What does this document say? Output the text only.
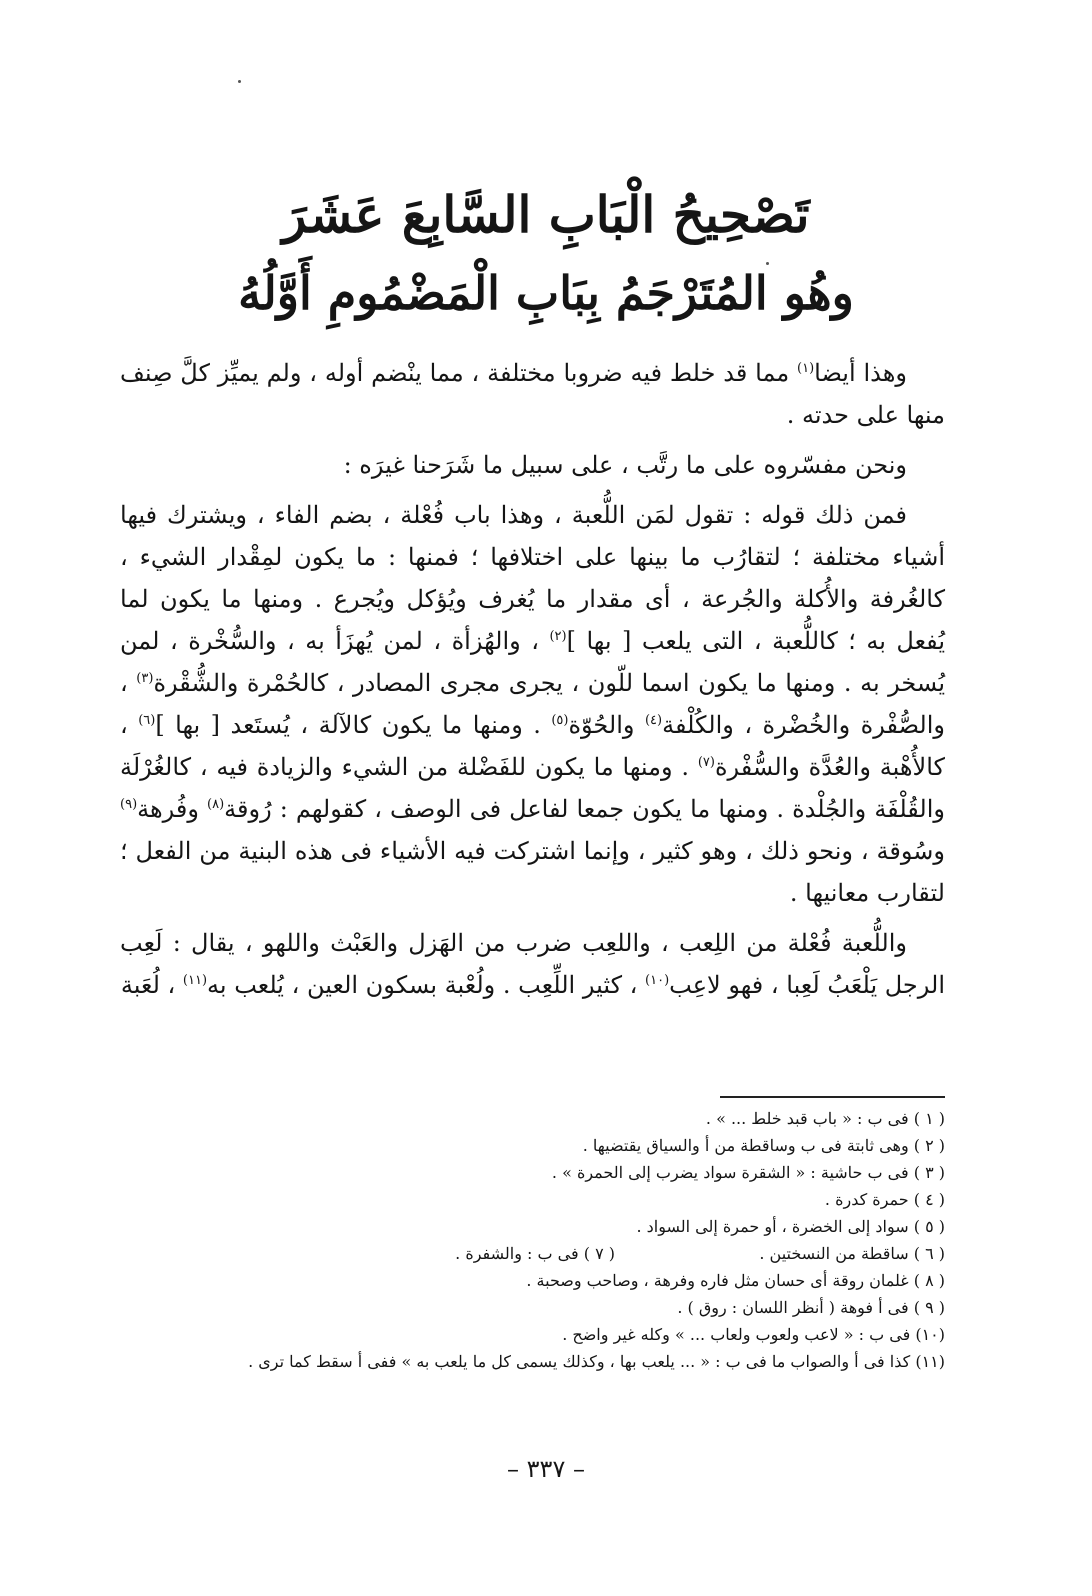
تَصْحِيحُ الْبَابِ السَّابِعَ عَشَرَ
وهُو المُتَرْجَمُ بِبَابِ الْمَضْمُومِ أَوَّلُهُ

وهذا أيضا$^{(١)}$ مما قد خلط فيه ضروبا مختلفة ، مما ينْضم أوله ، ولم يميِّز كلَّ صِنف منها على حدته .

ونحن مفسّروه على ما رتَّب ، على سبيل ما شَرَحنا غيرَه :

فمن ذلك قوله : تقول لمَن اللُّعبة ، وهذا باب فُعْلة ، بضم الفاء ، ويشترك فيها أشياء مختلفة ؛ لتقارُب ما بينها على اختلافها ؛ فمنها : ما يكون لمِقْدار الشيء ، كالغُرفة والأُكلة والجُرعة ، أى مقدار ما يُغرف ويُؤكل ويُجرع . ومنها ما يكون لما يُفعل به ؛ كاللُّعبة ، التى يلعب [ بها ]$^{(٢)}$ ، والهُزأة ، لمن يُهزَأ به ، والسُّخْرة ، لمن يُسخر به . ومنها ما يكون اسما للّون ، يجرى مجرى المصادر ، كالحُمْرة والشُّقْرة$^{(٣)}$ ، والصُّفْرة والخُضْرة ، والكُلْفة$^{(٤)}$ والحُوّة$^{(٥)}$ . ومنها ما يكون كالآلة ، يُستَعد [ بها ]$^{(٦)}$ ، كالأُهْبة والعُدَّة والسُّفْرة$^{(٧)}$ . ومنها ما يكون للفَضْلة من الشيء والزيادة فيه ، كالغُرْلَة والقُلْفَة والجُلْدة . ومنها ما يكون جمعا لفاعل فى الوصف ، كقولهم : رُوقة$^{(٨)}$ وفُرهة$^{(٩)}$ وسُوقة ، ونحو ذلك ، وهو كثير ، وإنما اشتركت فيه الأشياء فى هذه البنية من الفعل ؛ لتقارب معانيها .

واللُّعبة فُعْلة من اللِعب ، واللعِب ضرب من الهَزل والعَبْث واللهو ، يقال : لَعِب الرجل يَلْعَبُ لَعِبا ، فهو لاعِب$^{(١٠)}$ ، كثير اللِّعِب . ولُعْبة بسكون العين ، يُلعب به$^{(١١)}$ ، لُعَبة

( ١ ) فى ب : « باب قبد خلط ... » .
( ٢ ) وهى ثابتة فى ب وساقطة من أ والسياق يقتضيها .
( ٣ ) فى ب حاشية : « الشقرة سواد يضرب إلى الحمرة » .
( ٤ ) حمرة كدرة .
( ٥ ) سواد إلى الخضرة ، أو حمرة إلى السواد .
( ٦ ) ساقطة من النسختين .
( ٧ ) فى ب : والشفرة .
( ٨ ) غلمان روقة أى حسان مثل فاره وفرهة ، وصاحب وصحبة .
( ٩ ) فى أ فوهة ( أنظر اللسان : روق ) .
(١٠) فى ب : « لاعب ولعوب ولعاب ... » وكله غير واضح .
(١١) كذا فى أ والصواب ما فى ب : « ... يلعب بها ، وكذلك يسمى كل ما يلعب به » ففى أ سقط كما ترى .
– ٣٣٧ –
